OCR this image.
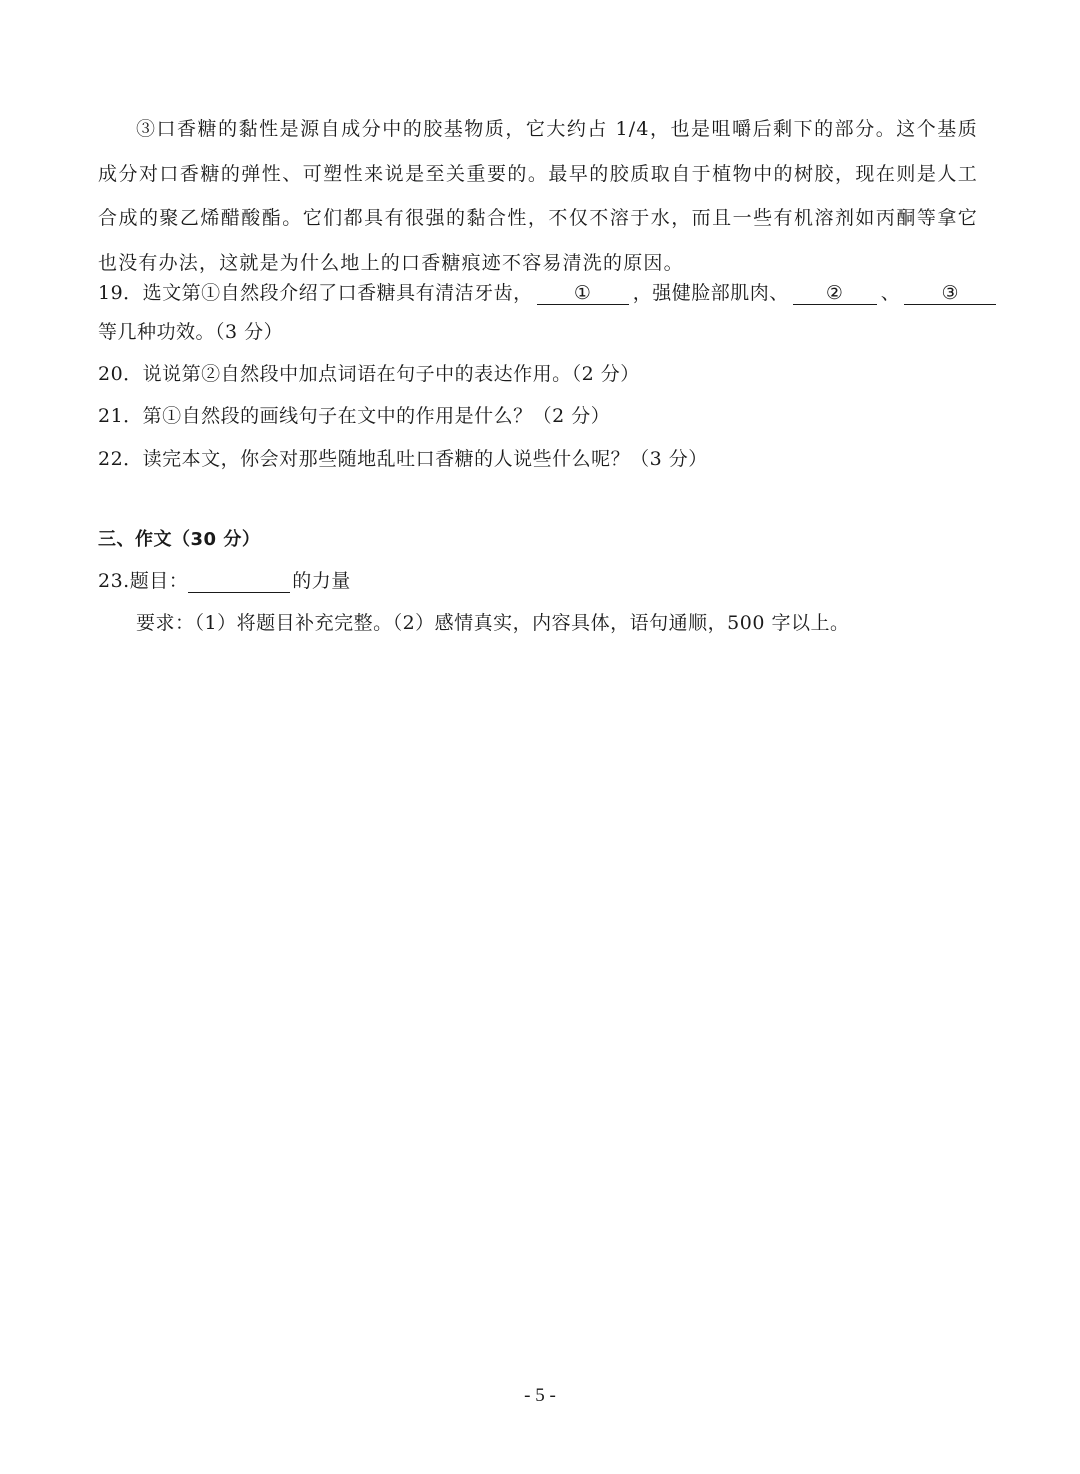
③口香糖的黏性是源自成分中的胶基物质，它大约占 1/4，也是咀嚼后剩下的部分。这个基质成分对口香糖的弹性、可塑性来说是至关重要的。最早的胶质取自于植物中的树胶，现在则是人工合成的聚乙烯醋酸酯。它们都具有很强的黏合性，不仅不溶于水，而且一些有机溶剂如丙酮等拿它也没有办法，这就是为什么地上的口香糖痕迹不容易清洗的原因。
19．选文第①自然段介绍了口香糖具有清洁牙齿， ① ，强健脸部肌肉、 ② 、 ③
等几种功效。（3 分）
20．说说第②自然段中加点词语在句子中的表达作用。（2 分）
21．第①自然段的画线句子在文中的作用是什么？（2 分）
22．读完本文，你会对那些随地乱吐口香糖的人说些什么呢？（3 分）
三、作文（30 分）
23.题目：	的力量
要求：（1）将题目补充完整。（2）感情真实，内容具体，语句通顺，500 字以上。
- 5 -
